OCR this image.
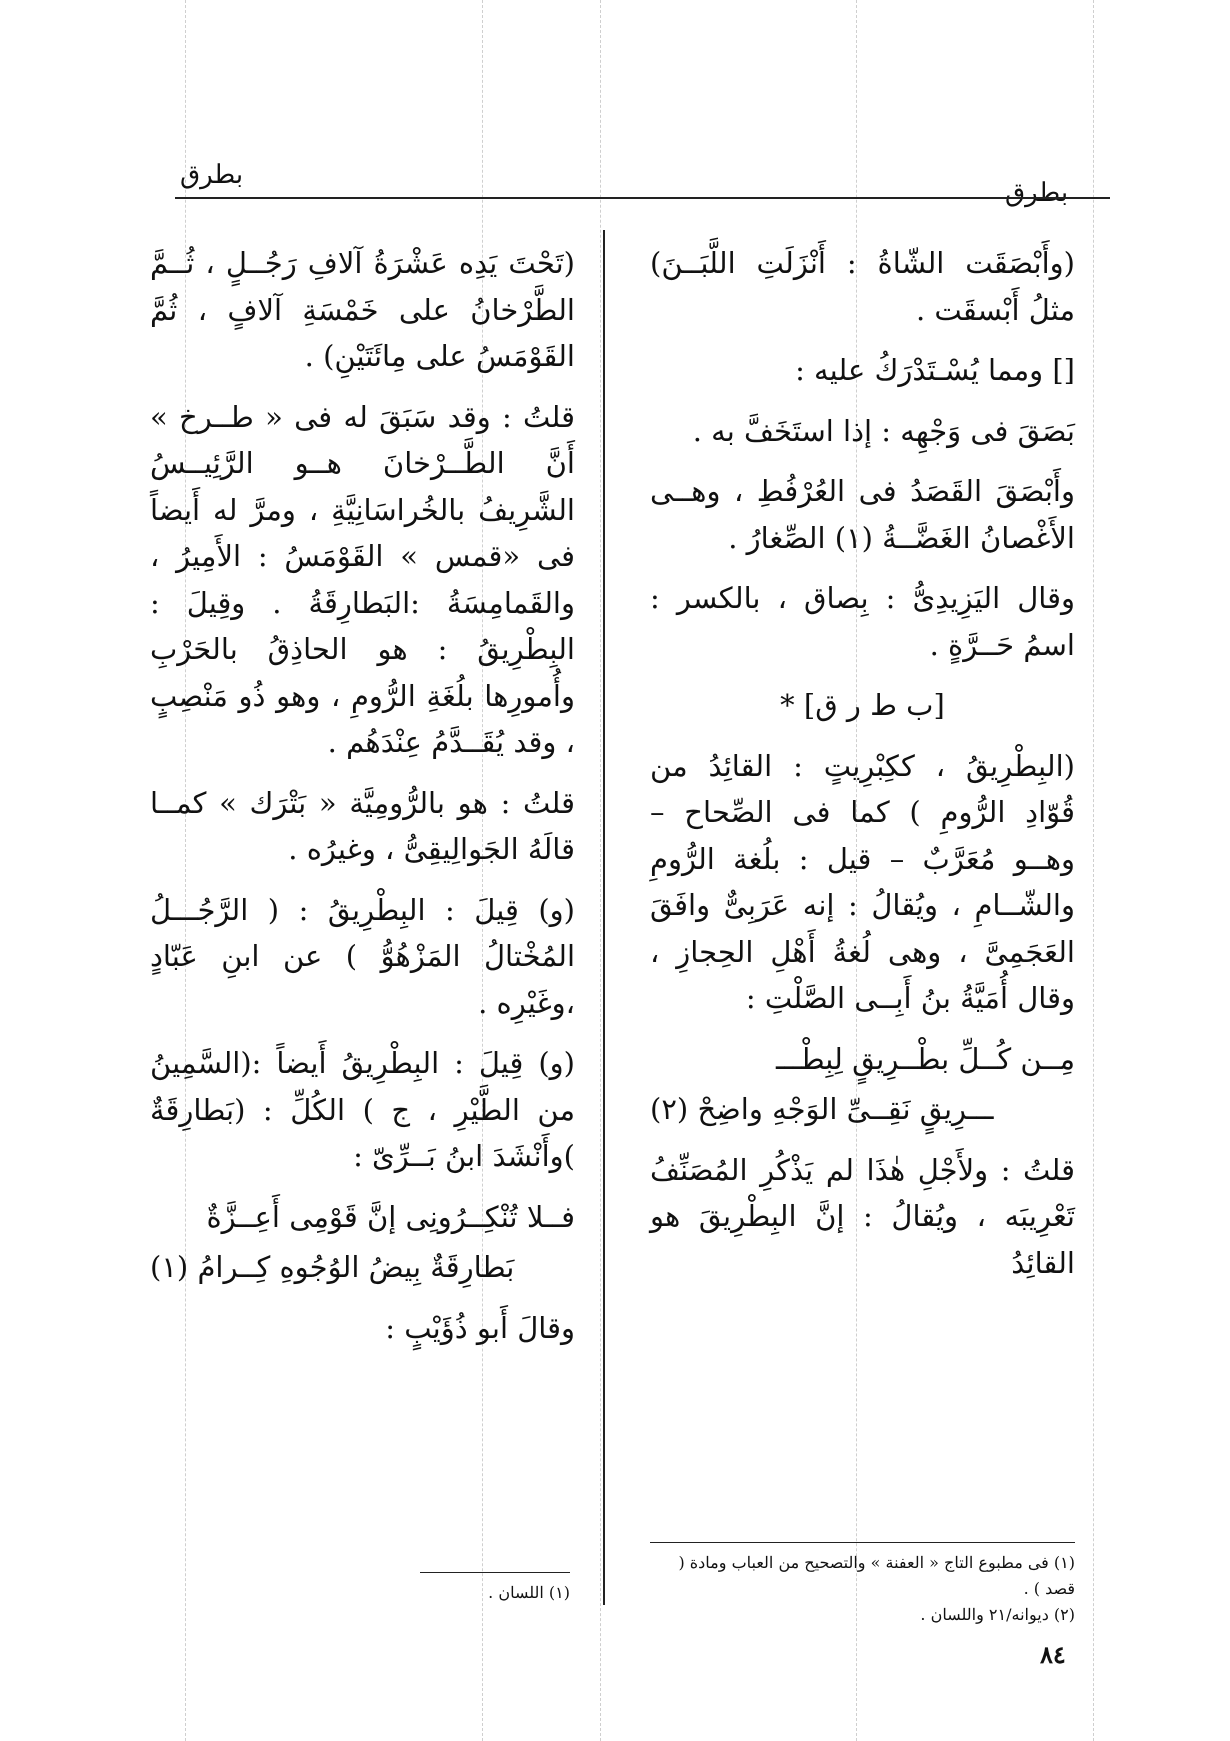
بطرق
بطرق

(وأَبْصَقَت الشّاةُ : أَنْزَلَتِ اللَّبَــنَ) مثلُ أَبْسقَت .

[] ومما يُسْـتَدْرَكُ عليه :

بَصَقَ فى وَجْهِه : إذا استَخَفَّ به .

وأَبْصَقَ القَصَدُ فى العُرْفُطِ ، وهــى الأَغْصانُ الغَضَّــةُ (١) الصِّغارُ .

وقال اليَزِيدِىُّ : بِصاق ، بالكسر : اسمُ حَــرَّةٍ .

[ب ط ر ق] *

(البِطْرِيقُ ، ككِبْرِيتٍ : القائِدُ من قُوّادِ الرُّومِ ) كما فى الصِّحاح – وهــو مُعَرَّبٌ – قيل : بلُغة الرُّومِ والشّــامِ ، ويُقالُ : إنه عَرَبِىٌّ وافَقَ العَجَمِىَّ ، وهى لُغةُ أَهْلِ الحِجازِ ، وقال أُمَيَّةُ بنُ أَبِــى الصَّلْتِ :

مِــن كُــلِّ بطْــرِيقٍ لِبِطْـــ

ـــرِيقٍ نَقِــىِّ الوَجْهِ واضِحْ (٢)

قلتُ : ولأَجْلِ هٰذَا لم يَذْكُرِ المُصَنِّفُ تَعْرِيبَه ، ويُقالُ : إنَّ البِطْرِيقَ هو القائِدُ

(١) فى مطبوع التاج « العفنة » والتصحيح من العباب ومادة ( قصد ) .

(٢) ديوانه/٢١ واللسان .

(تَحْتَ يَدِه عَشْرَةُ آلافِ رَجُــلٍ ، ثُــمَّ الطَّرْخانُ على خَمْسَةِ آلافٍ ، ثُمَّ القَوْمَسُ على مِائَتَيْنِ) .

قلتُ : وقد سَبَقَ له فى « طــرخ » أَنَّ الطَّــرْخانَ هــو الرَّئِيــسُ الشَّرِيفُ بالخُراسَانِيَّةِ ، ومرَّ له أَيضاً فى «قمس » القَوْمَسُ : الأَمِيرُ ، والقَمامِسَةُ :البَطارِقَةُ . وقِيلَ : البِطْرِيقُ : هو الحاذِقُ بالحَرْبِ وأُمورِها بلُغَةِ الرُّومِ ، وهو ذُو مَنْصِبٍ ، وقد يُقَــدَّمُ عِنْدَهُم .

قلتُ : هو بالرُّومِيَّة « بَتْرَك » كمــا قالَهُ الجَوالِيقِىُّ ، وغيرُه .

(و) قِيلَ : البِطْرِيقُ : ( الرَّجُـــلُ المُخْتالُ المَزْهُوُّ ) عن ابنِ عَبّادٍ ،وغَيْرِه .

(و) قِيلَ : البِطْرِيقُ أَيضاً :(السَّمِينُ من الطَّيْرِ ، ج ) الكُلِّ : (بَطارِقَةٌ )وأَنْشَدَ ابنُ بَــرِّىّ :

فــلا تُنْكِــرُونِى إنَّ قَوْمِى أَعِــزَّةٌ

بَطارِقَةٌ بِيضُ الوُجُوهِ كِــرامُ (١)

وقالَ أَبو ذُؤَيْبٍ :

(١) اللسان .

٨٤
